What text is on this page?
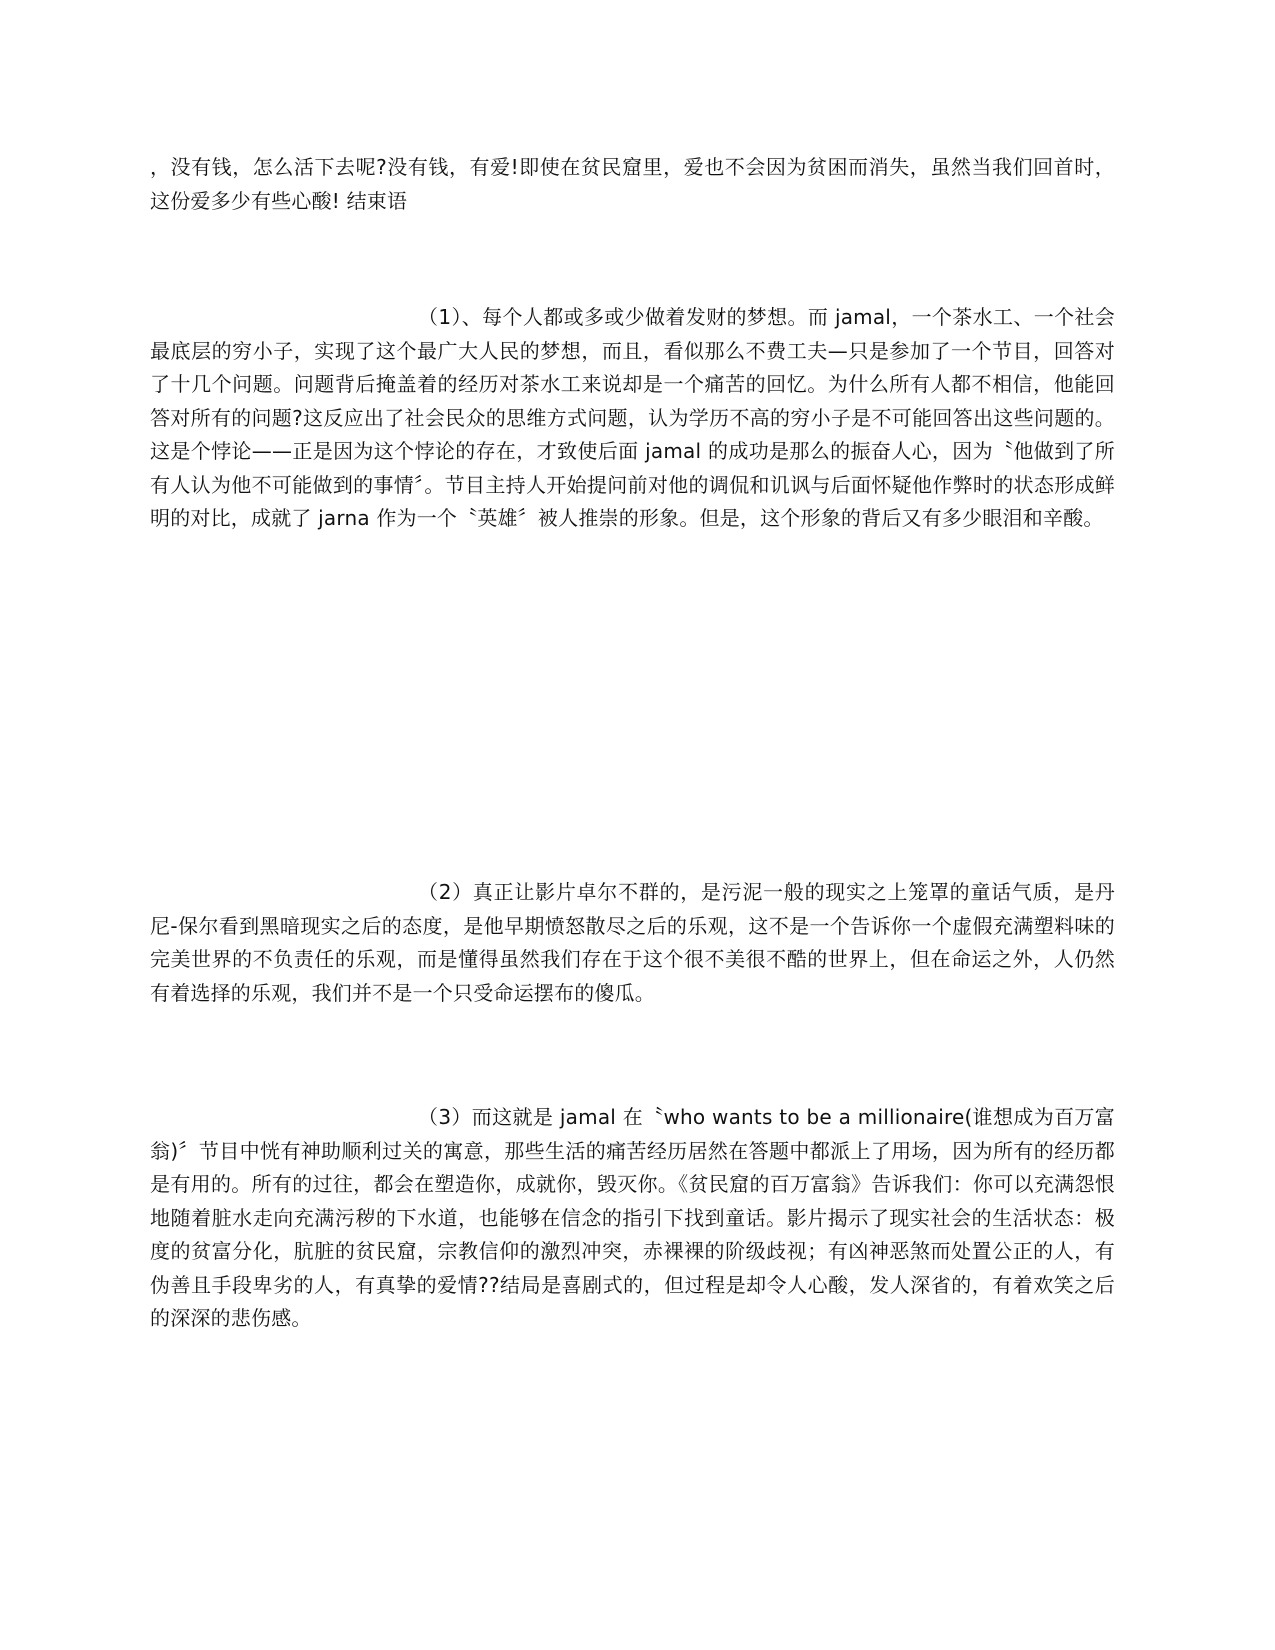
，没有钱，怎么活下去呢?没有钱，有爱!即使在贫民窟里，爱也不会因为贫困而消失，虽然当我们回首时，这份爱多少有些心酸! 结束语

（1）、每个人都或多或少做着发财的梦想。而 jamal，一个茶水工、一个社会最底层的穷小子，实现了这个最广大人民的梦想，而且，看似那么不费工夫—只是参加了一个节目，回答对了十几个问题。问题背后掩盖着的经历对茶水工来说却是一个痛苦的回忆。为什么所有人都不相信，他能回答对所有的问题?这反应出了社会民众的思维方式问题，认为学历不高的穷小子是不可能回答出这些问题的。这是个悖论——正是因为这个悖论的存在，才致使后面 jamal 的成功是那么的振奋人心，因为〝他做到了所有人认为他不可能做到的事情〞。节目主持人开始提问前对他的调侃和讥讽与后面怀疑他作弊时的状态形成鲜明的对比，成就了 jarna 作为一个〝英雄〞被人推崇的形象。但是，这个形象的背后又有多少眼泪和辛酸。

（2）真正让影片卓尔不群的，是污泥一般的现实之上笼罩的童话气质，是丹尼-保尔看到黑暗现实之后的态度，是他早期愤怒散尽之后的乐观，这不是一个告诉你一个虚假充满塑料味的完美世界的不负责任的乐观，而是懂得虽然我们存在于这个很不美很不酷的世界上，但在命运之外，人仍然有着选择的乐观，我们并不是一个只受命运摆布的傻瓜。

（3）而这就是 jamal 在〝who wants to be a millionaire(谁想成为百万富翁)〞节目中恍有神助顺利过关的寓意，那些生活的痛苦经历居然在答题中都派上了用场，因为所有的经历都是有用的。所有的过往，都会在塑造你，成就你，毁灭你。《贫民窟的百万富翁》告诉我们：你可以充满怨恨地随着脏水走向充满污秽的下水道，也能够在信念的指引下找到童话。影片揭示了现实社会的生活状态：极度的贫富分化，肮脏的贫民窟，宗教信仰的激烈冲突，赤裸裸的阶级歧视；有凶神恶煞而处置公正的人，有伪善且手段卑劣的人，有真挚的爱情??结局是喜剧式的，但过程是却令人心酸，发人深省的，有着欢笑之后的深深的悲伤感。
